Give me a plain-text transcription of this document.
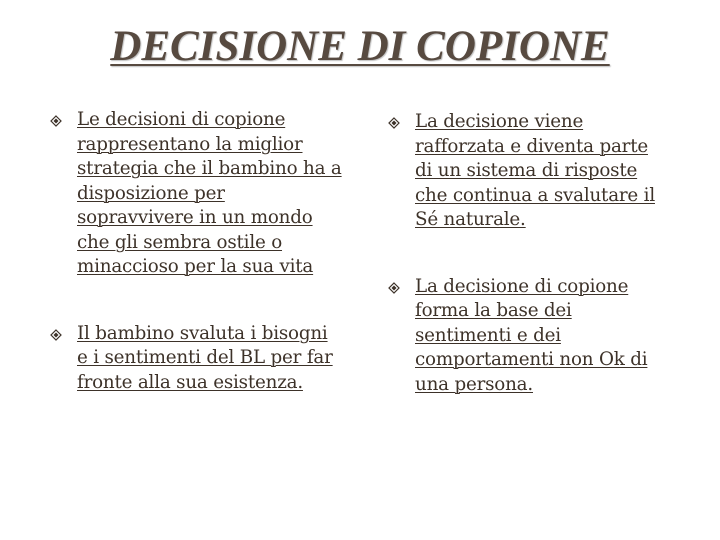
DECISIONE DI COPIONE
Le decisioni di copione rappresentano la miglior strategia che il bambino ha a disposizione per sopravvivere in un mondo che gli sembra ostile o minaccioso per la sua vita
Il bambino svaluta i bisogni e i sentimenti del BL per far fronte alla sua esistenza.
La decisione viene rafforzata e diventa parte di un sistema di risposte che continua a svalutare il Sé naturale.
La decisione di copione forma la base dei sentimenti e dei comportamenti non Ok di una persona.
